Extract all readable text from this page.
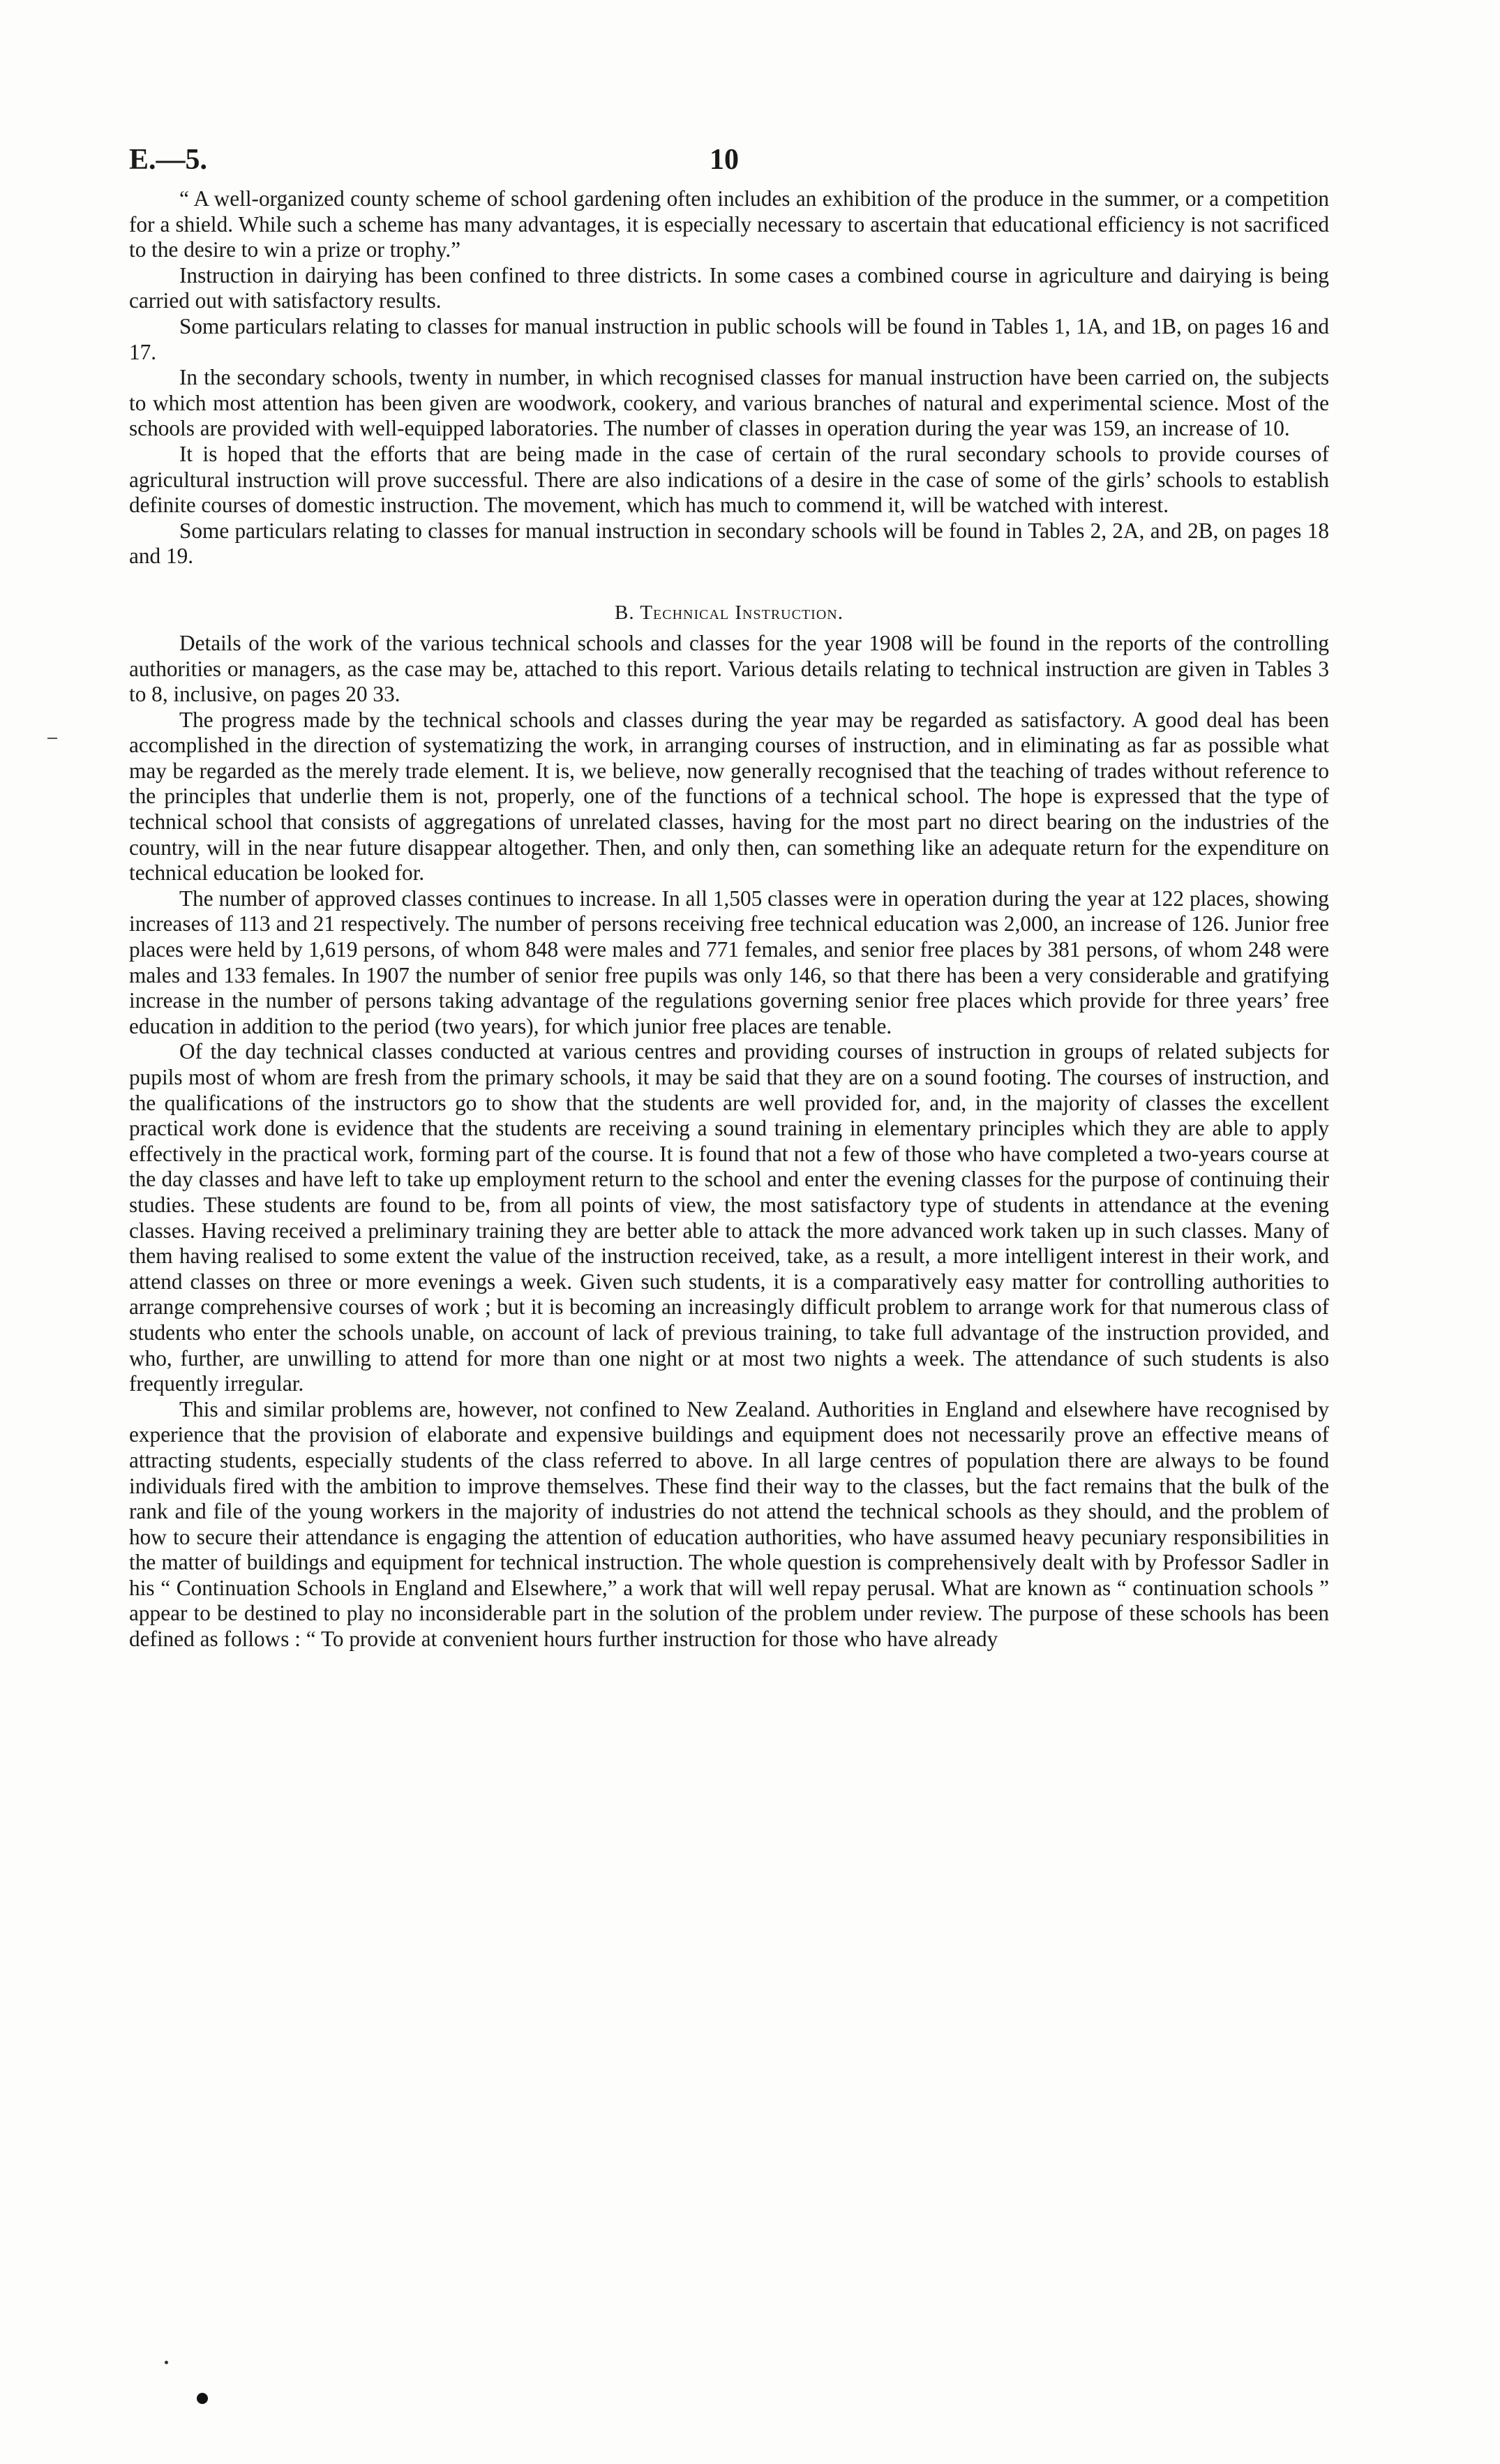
E.—5.	10

“ A well-organized county scheme of school gardening often includes an exhibition of the produce in the summer, or a competition for a shield. While such a scheme has many advantages, it is especially necessary to ascertain that educational efficiency is not sacrificed to the desire to win a prize or trophy.”

Instruction in dairying has been confined to three districts. In some cases a combined course in agriculture and dairying is being carried out with satisfactory results.

Some particulars relating to classes for manual instruction in public schools will be found in Tables 1, 1A, and 1B, on pages 16 and 17.

In the secondary schools, twenty in number, in which recognised classes for manual instruction have been carried on, the subjects to which most attention has been given are woodwork, cookery, and various branches of natural and experimental science. Most of the schools are provided with well-equipped laboratories. The number of classes in operation during the year was 159, an increase of 10.

It is hoped that the efforts that are being made in the case of certain of the rural secondary schools to provide courses of agricultural instruction will prove successful. There are also indications of a desire in the case of some of the girls’ schools to establish definite courses of domestic instruction. The movement, which has much to commend it, will be watched with interest.

Some particulars relating to classes for manual instruction in secondary schools will be found in Tables 2, 2A, and 2B, on pages 18 and 19.

B. Technical Instruction.

Details of the work of the various technical schools and classes for the year 1908 will be found in the reports of the controlling authorities or managers, as the case may be, attached to this report. Various details relating to technical instruction are given in Tables 3 to 8, inclusive, on pages 20 33.

The progress made by the technical schools and classes during the year may be regarded as satisfactory. A good deal has been accomplished in the direction of systematizing the work, in arranging courses of instruction, and in eliminating as far as possible what may be regarded as the merely trade element. It is, we believe, now generally recognised that the teaching of trades without reference to the principles that underlie them is not, properly, one of the functions of a technical school. The hope is expressed that the type of technical school that consists of aggregations of unrelated classes, having for the most part no direct bearing on the industries of the country, will in the near future disappear altogether. Then, and only then, can something like an adequate return for the expenditure on technical education be looked for.

The number of approved classes continues to increase. In all 1,505 classes were in operation during the year at 122 places, showing increases of 113 and 21 respectively. The number of persons receiving free technical education was 2,000, an increase of 126. Junior free places were held by 1,619 persons, of whom 848 were males and 771 females, and senior free places by 381 persons, of whom 248 were males and 133 females. In 1907 the number of senior free pupils was only 146, so that there has been a very considerable and gratifying increase in the number of persons taking advantage of the regulations governing senior free places which provide for three years’ free education in addition to the period (two years), for which junior free places are tenable.

Of the day technical classes conducted at various centres and providing courses of instruction in groups of related subjects for pupils most of whom are fresh from the primary schools, it may be said that they are on a sound footing. The courses of instruction, and the qualifications of the instructors go to show that the students are well provided for, and, in the majority of classes the excellent practical work done is evidence that the students are receiving a sound training in elementary principles which they are able to apply effectively in the practical work, forming part of the course. It is found that not a few of those who have completed a two-years course at the day classes and have left to take up employment return to the school and enter the evening classes for the purpose of continuing their studies. These students are found to be, from all points of view, the most satisfactory type of students in attendance at the evening classes. Having received a preliminary training they are better able to attack the more advanced work taken up in such classes. Many of them having realised to some extent the value of the instruction received, take, as a result, a more intelligent interest in their work, and attend classes on three or more evenings a week. Given such students, it is a comparatively easy matter for controlling authorities to arrange comprehensive courses of work ; but it is becoming an increasingly difficult problem to arrange work for that numerous class of students who enter the schools unable, on account of lack of previous training, to take full advantage of the instruction provided, and who, further, are unwilling to attend for more than one night or at most two nights a week. The attendance of such students is also frequently irregular.

This and similar problems are, however, not confined to New Zealand. Authorities in England and elsewhere have recognised by experience that the provision of elaborate and expensive buildings and equipment does not necessarily prove an effective means of attracting students, especially students of the class referred to above. In all large centres of population there are always to be found individuals fired with the ambition to improve themselves. These find their way to the classes, but the fact remains that the bulk of the rank and file of the young workers in the majority of industries do not attend the technical schools as they should, and the problem of how to secure their attendance is engaging the attention of education authorities, who have assumed heavy pecuniary responsibilities in the matter of buildings and equipment for technical instruction. The whole question is comprehensively dealt with by Professor Sadler in his “ Continuation Schools in England and Elsewhere,” a work that will well repay perusal. What are known as “ continuation schools ” appear to be destined to play no inconsiderable part in the solution of the problem under review. The purpose of these schools has been defined as follows : “ To provide at convenient hours further instruction for those who have already
